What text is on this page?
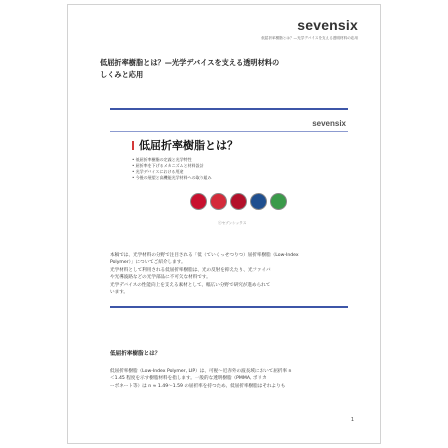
sevensix
低屈折率樹脂とは？—光学デバイスを支える透明材料の応用
低屈折率樹脂とは？—光学デバイスを支える透明材料の
しくみと応用
sevensix
低屈折率樹脂とは？
• 低屈折率樹脂の定義と光学特性
• 屈折率を下げるメカニズムと材料設計
• 光学デバイスにおける用途
• 今後の展望と高機能光学材料への取り組み
ⓒセブンシックス

本稿では、光学材料の分野で注目される「低（ていくっせつりつ）屈折率樹脂（Low-Index

Polymer）」についてご紹介します。

光学材料として利用される低屈折率樹脂は、光の反射を抑えたり、光ファイバ

や光導波路などの光学部品に不可欠な材料です。

光学デバイスの性能向上を支える素材として、幅広い分野で研究が進められて

います。

低屈折率樹脂とは？

低屈折率樹脂（Low-Index Polymer, LIP）は、可視～近赤外の波長域において屈折率 n

＜1.45 程度を示す樹脂材料を指します。一般的な透明樹脂（PMMA, ポリカ

ーボネート等）は n ≈ 1.49～1.59 の屈折率を持つため、低屈折率樹脂はそれよりも

1
